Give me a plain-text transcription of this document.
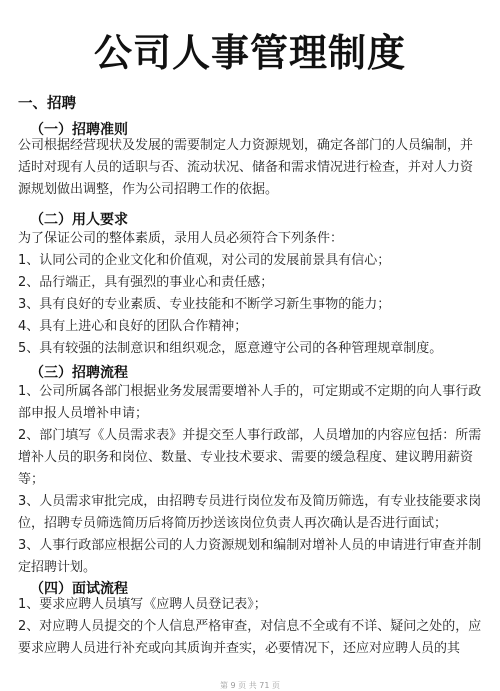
公司人事管理制度
一、招聘
（一）招聘准则
公司根据经营现状及发展的需要制定人力资源规划，确定各部门的人员编制，并适时对现有人员的适职与否、流动状况、储备和需求情况进行检查，并对人力资源规划做出调整，作为公司招聘工作的依据。
（二）用人要求
为了保证公司的整体素质，录用人员必须符合下列条件：
1、认同公司的企业文化和价值观，对公司的发展前景具有信心；
2、品行端正，具有强烈的事业心和责任感；
3、具有良好的专业素质、专业技能和不断学习新生事物的能力；
4、具有上进心和良好的团队合作精神；
5、具有较强的法制意识和组织观念，愿意遵守公司的各种管理规章制度。
（三）招聘流程
1、公司所属各部门根据业务发展需要增补人手的，可定期或不定期的向人事行政部申报人员增补申请；
2、部门填写《人员需求表》并提交至人事行政部，人员增加的内容应包括：所需增补人员的职务和岗位、数量、专业技术要求、需要的缓急程度、建议聘用薪资等；
3、人员需求审批完成，由招聘专员进行岗位发布及简历筛选，有专业技能要求岗位，招聘专员筛选简历后将简历抄送该岗位负责人再次确认是否进行面试；
3、人事行政部应根据公司的人力资源规划和编制对增补人员的申请进行审查并制定招聘计划。
（四）面试流程
1、要求应聘人员填写《应聘人员登记表》；
2、对应聘人员提交的个人信息严格审查，对信息不全或有不详、疑问之处的，应要求应聘人员进行补充或向其质询并查实，必要情况下，还应对应聘人员的其
第 9 页 共 71 页
